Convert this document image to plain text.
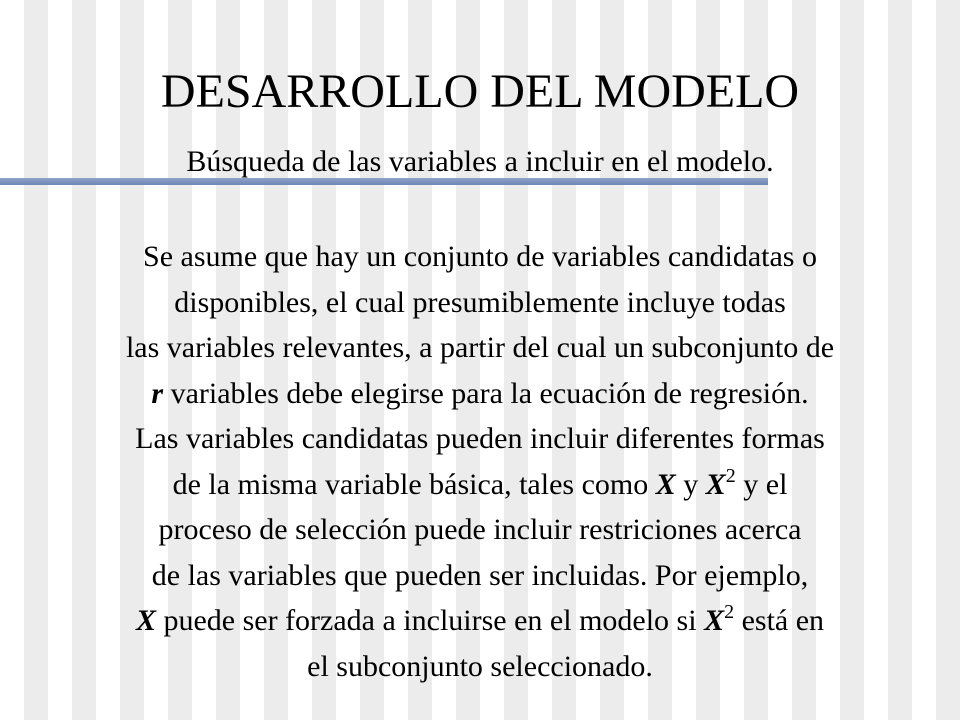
DESARROLLO DEL MODELO
Búsqueda de las variables a incluir en el modelo.
Se asume que hay un conjunto de variables candidatas o
disponibles, el cual presumiblemente incluye todas
las variables relevantes, a partir del cual un subconjunto de
r variables debe elegirse para la ecuación de regresión.
Las variables candidatas pueden incluir diferentes formas
de la misma variable básica, tales como X y $X^2$ y el
proceso de selección puede incluir restriciones acerca
de las variables que pueden ser incluidas. Por ejemplo,
X puede ser forzada a incluirse en el modelo si $X^2$ está en
el subconjunto seleccionado.
